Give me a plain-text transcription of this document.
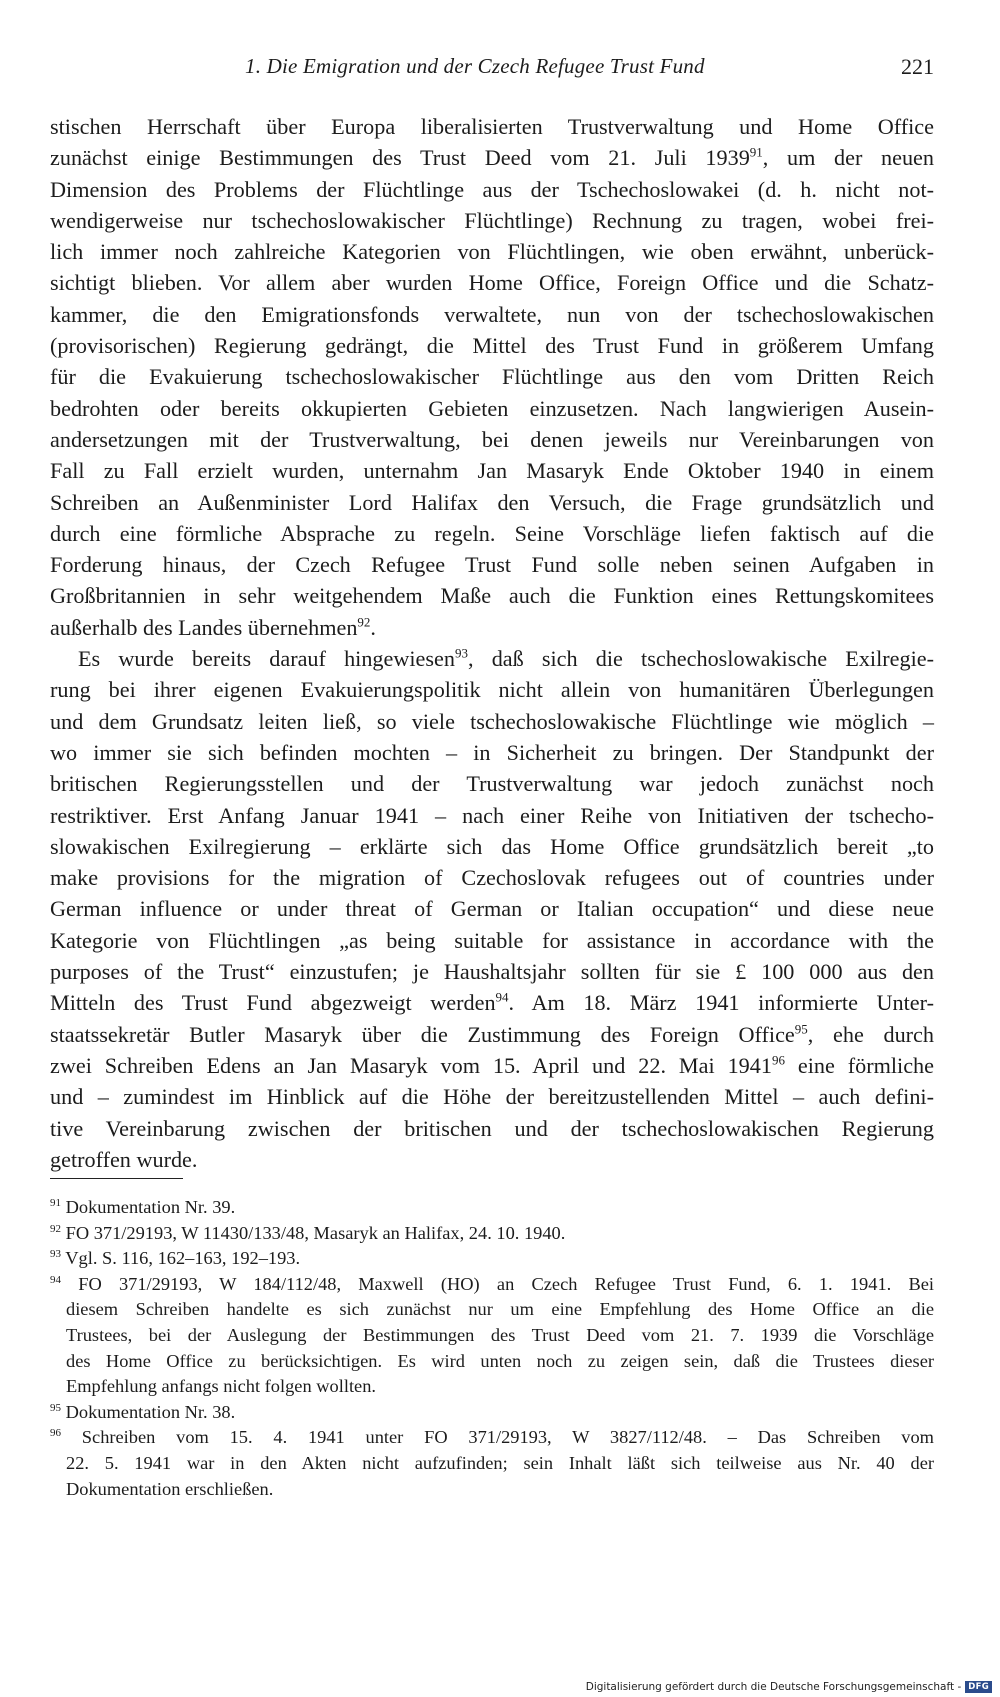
1. Die Emigration und der Czech Refugee Trust Fund	221
stischen Herrschaft über Europa liberalisierten Trustverwaltung und Home Office
zunächst einige Bestimmungen des Trust Deed vom 21. Juli 1939$^{91}$, um der neuen
Dimension des Problems der Flüchtlinge aus der Tschechoslowakei (d. h. nicht not-
wendigerweise nur tschechoslowakischer Flüchtlinge) Rechnung zu tragen, wobei frei-
lich immer noch zahlreiche Kategorien von Flüchtlingen, wie oben erwähnt, unberück-
sichtigt blieben. Vor allem aber wurden Home Office, Foreign Office und die Schatz-
kammer, die den Emigrationsfonds verwaltete, nun von der tschechoslowakischen
(provisorischen) Regierung gedrängt, die Mittel des Trust Fund in größerem Umfang
für die Evakuierung tschechoslowakischer Flüchtlinge aus den vom Dritten Reich
bedrohten oder bereits okkupierten Gebieten einzusetzen. Nach langwierigen Ausein-
andersetzungen mit der Trustverwaltung, bei denen jeweils nur Vereinbarungen von
Fall zu Fall erzielt wurden, unternahm Jan Masaryk Ende Oktober 1940 in einem
Schreiben an Außenminister Lord Halifax den Versuch, die Frage grundsätzlich und
durch eine förmliche Absprache zu regeln. Seine Vorschläge liefen faktisch auf die
Forderung hinaus, der Czech Refugee Trust Fund solle neben seinen Aufgaben in
Großbritannien in sehr weitgehendem Maße auch die Funktion eines Rettungskomitees
außerhalb des Landes übernehmen$^{92}$.
Es wurde bereits darauf hingewiesen$^{93}$, daß sich die tschechoslowakische Exilregie-
rung bei ihrer eigenen Evakuierungspolitik nicht allein von humanitären Überlegungen
und dem Grundsatz leiten ließ, so viele tschechoslowakische Flüchtlinge wie möglich –
wo immer sie sich befinden mochten – in Sicherheit zu bringen. Der Standpunkt der
britischen Regierungsstellen und der Trustverwaltung war jedoch zunächst noch
restriktiver. Erst Anfang Januar 1941 – nach einer Reihe von Initiativen der tschecho-
slowakischen Exilregierung – erklärte sich das Home Office grundsätzlich bereit „to
make provisions for the migration of Czechoslovak refugees out of countries under
German influence or under threat of German or Italian occupation“ und diese neue
Kategorie von Flüchtlingen „as being suitable for assistance in accordance with the
purposes of the Trust“ einzustufen; je Haushaltsjahr sollten für sie £ 100 000 aus den
Mitteln des Trust Fund abgezweigt werden$^{94}$. Am 18. März 1941 informierte Unter-
staatssekretär Butler Masaryk über die Zustimmung des Foreign Office$^{95}$, ehe durch
zwei Schreiben Edens an Jan Masaryk vom 15. April und 22. Mai 1941$^{96}$ eine förmliche
und – zumindest im Hinblick auf die Höhe der bereitzustellenden Mittel – auch defini-
tive Vereinbarung zwischen der britischen und der tschechoslowakischen Regierung
getroffen wurde.
$^{91}$ Dokumentation Nr. 39.
$^{92}$ FO 371/29193, W 11430/133/48, Masaryk an Halifax, 24. 10. 1940.
$^{93}$ Vgl. S. 116, 162–163, 192–193.
$^{94}$ FO 371/29193, W 184/112/48, Maxwell (HO) an Czech Refugee Trust Fund, 6. 1. 1941. Bei
diesem Schreiben handelte es sich zunächst nur um eine Empfehlung des Home Office an die
Trustees, bei der Auslegung der Bestimmungen des Trust Deed vom 21. 7. 1939 die Vorschläge
des Home Office zu berücksichtigen. Es wird unten noch zu zeigen sein, daß die Trustees dieser
Empfehlung anfangs nicht folgen wollten.
$^{95}$ Dokumentation Nr. 38.
$^{96}$ Schreiben vom 15. 4. 1941 unter FO 371/29193, W 3827/112/48. – Das Schreiben vom
22. 5. 1941 war in den Akten nicht aufzufinden; sein Inhalt läßt sich teilweise aus Nr. 40 der
Dokumentation erschließen.
Digitalisierung gefördert durch die Deutsche Forschungsgemeinschaft - DFG
